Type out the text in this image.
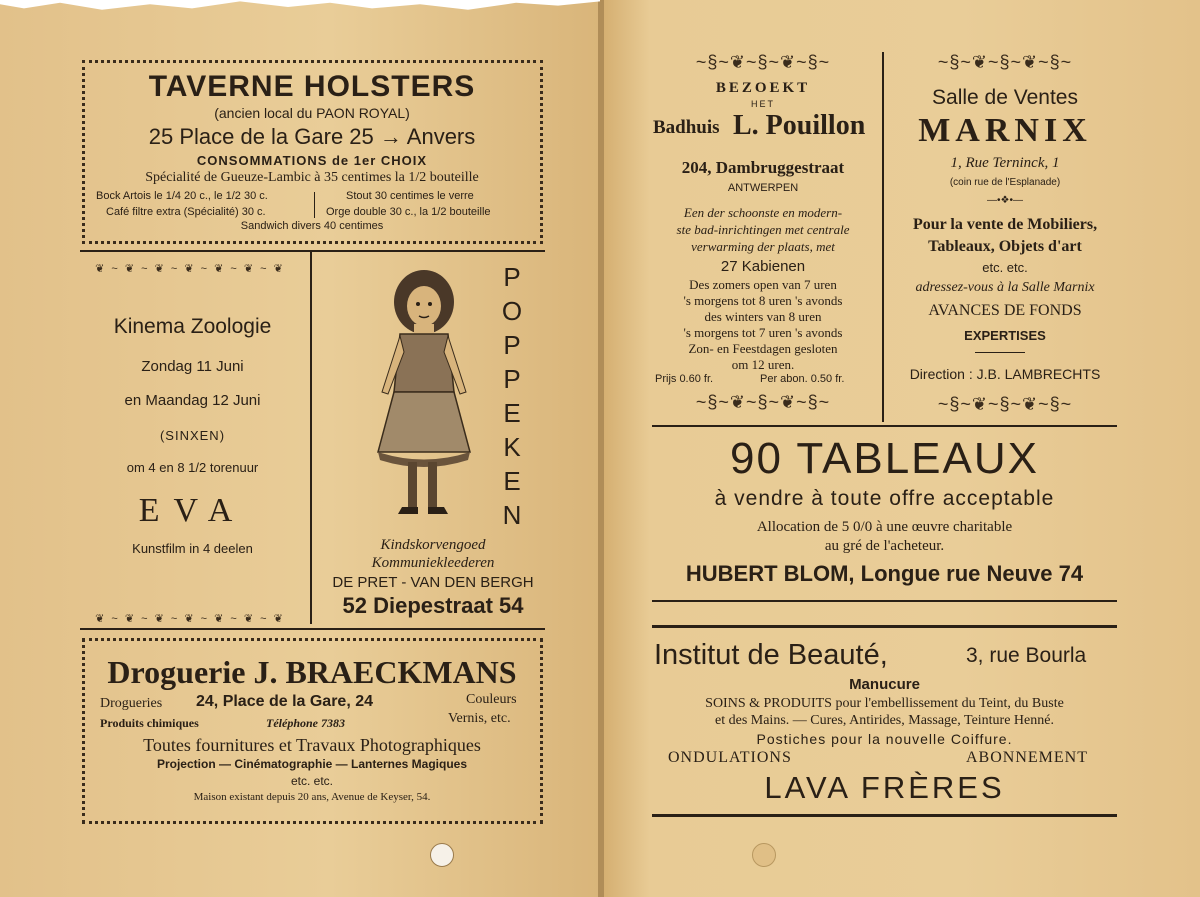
TAVERNE HOLSTERS
(ancien local du PAON ROYAL)
25 Place de la Gare 25 → Anvers
CONSOMMATIONS de 1er CHOIX
Spécialité de Gueuze-Lambic à 35 centimes la 1/2 bouteille
Bock Artois le 1/4 20 c., le 1/2 30 c.	Stout 30 centimes le verre
Café filtre extra (Spécialité) 30 c.	Orge double 30 c., la 1/2 bouteille
Sandwich divers 40 centimes
❦ ~ ❦ ~ ❦ ~ ❦ ~ ❦ ~ ❦ ~ ❦
Kinema Zoologie
Zondag 11 Juni
en Maandag 12 Juni
(SINXEN)
om 4 en 8 1/2 torenuur
EVA
Kunstfilm in 4 deelen
❦ ~ ❦ ~ ❦ ~ ❦ ~ ❦ ~ ❦ ~ ❦
P
O
P
P
E
K
E
N
Kindskorvengoed
Kommuniekleederen
DE PRET - VAN DEN BERGH
52 Diepestraat 54
Droguerie J. BRAECKMANS
Drogueries 24, Place de la Gare, 24	Couleurs
Produits chimiques	Téléphone 7383	Vernis, etc.
Toutes fournitures et Travaux Photographiques
Projection — Cinématographie — Lanternes Magiques
etc. etc.
Maison existant depuis 20 ans, Avenue de Keyser, 54.
~§~❦~§~❦~§~
BEZOEKT
HET
Badhuis L. Pouillon
204, Dambruggestraat
ANTWERPEN
Een der schoonste en modern-
ste bad-inrichtingen met centrale
verwarming der plaats, met
27 Kabienen
Des zomers open van 7 uren
's morgens tot 8 uren 's avonds
des winters van 8 uren
's morgens tot 7 uren 's avonds
Zon- en Feestdagen gesloten
om 12 uren.
Prijs 0.60 fr.	Per abon. 0.50 fr.
~§~❦~§~❦~§~
~§~❦~§~❦~§~
Salle de Ventes
MARNIX
1, Rue Terninck, 1
(coin rue de l'Esplanade)
—•❖•—
Pour la vente de Mobiliers,
Tableaux, Objets d'art
etc. etc.
adressez-vous à la Salle Marnix
AVANCES DE FONDS
EXPERTISES
Direction : J.B. LAMBRECHTS
~§~❦~§~❦~§~
90 TABLEAUX
à vendre à toute offre acceptable
Allocation de 5 0/0 à une œuvre charitable
au gré de l'acheteur.
HUBERT BLOM, Longue rue Neuve 74
Institut de Beauté,	3, rue Bourla
Manucure
SOINS & PRODUITS pour l'embellissement du Teint, du Buste
et des Mains. — Cures, Antirides, Massage, Teinture Henné.
Postiches pour la nouvelle Coiffure.
ONDULATIONS	ABONNEMENT
LAVA FRÈRES
